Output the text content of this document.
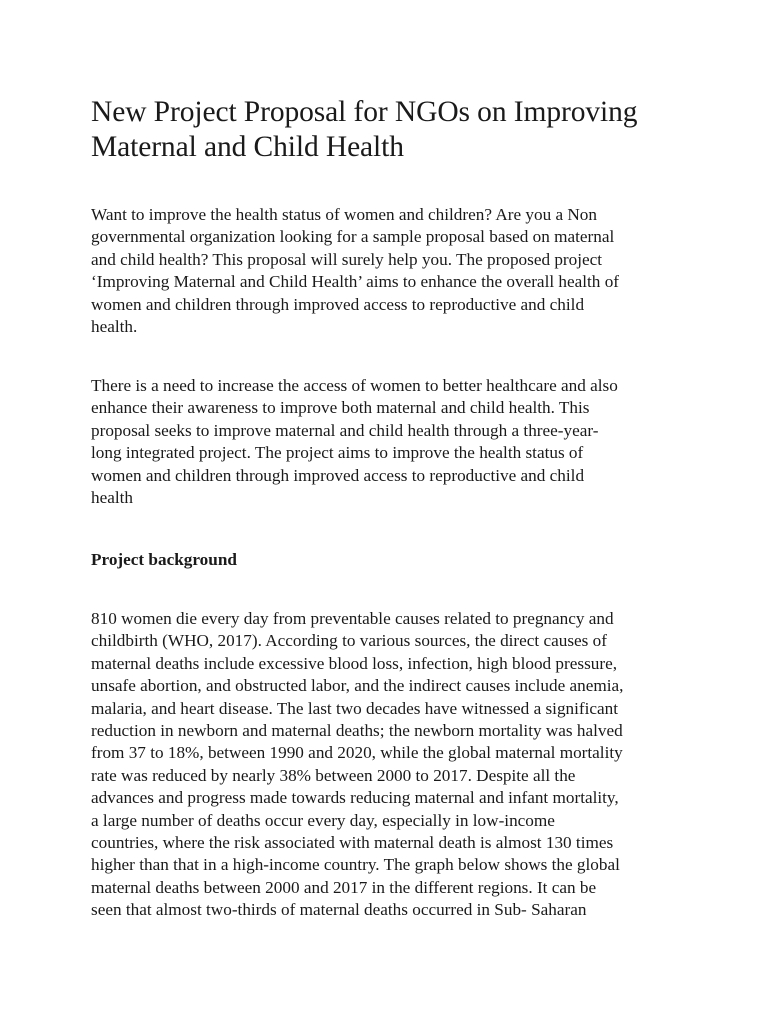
New Project Proposal for NGOs on Improving
Maternal and Child Health

Want to improve the health status of women and children? Are you a Non
governmental organization looking for a sample proposal based on maternal
and child health? This proposal will surely help you. The proposed project
‘Improving Maternal and Child Health’ aims to enhance the overall health of
women and children through improved access to reproductive and child
health.

There is a need to increase the access of women to better healthcare and also
enhance their awareness to improve both maternal and child health. This
proposal seeks to improve maternal and child health through a three-year-
long integrated project. The project aims to improve the health status of
women and children through improved access to reproductive and child
health

Project background

810 women die every day from preventable causes related to pregnancy and
childbirth (WHO, 2017). According to various sources, the direct causes of
maternal deaths include excessive blood loss, infection, high blood pressure,
unsafe abortion, and obstructed labor, and the indirect causes include anemia,
malaria, and heart disease. The last two decades have witnessed a significant
reduction in newborn and maternal deaths; the newborn mortality was halved
from 37 to 18%, between 1990 and 2020, while the global maternal mortality
rate was reduced by nearly 38% between 2000 to 2017. Despite all the
advances and progress made towards reducing maternal and infant mortality,
a large number of deaths occur every day, especially in low-income
countries, where the risk associated with maternal death is almost 130 times
higher than that in a high-income country. The graph below shows the global
maternal deaths between 2000 and 2017 in the different regions. It can be
seen that almost two-thirds of maternal deaths occurred in Sub- Saharan
